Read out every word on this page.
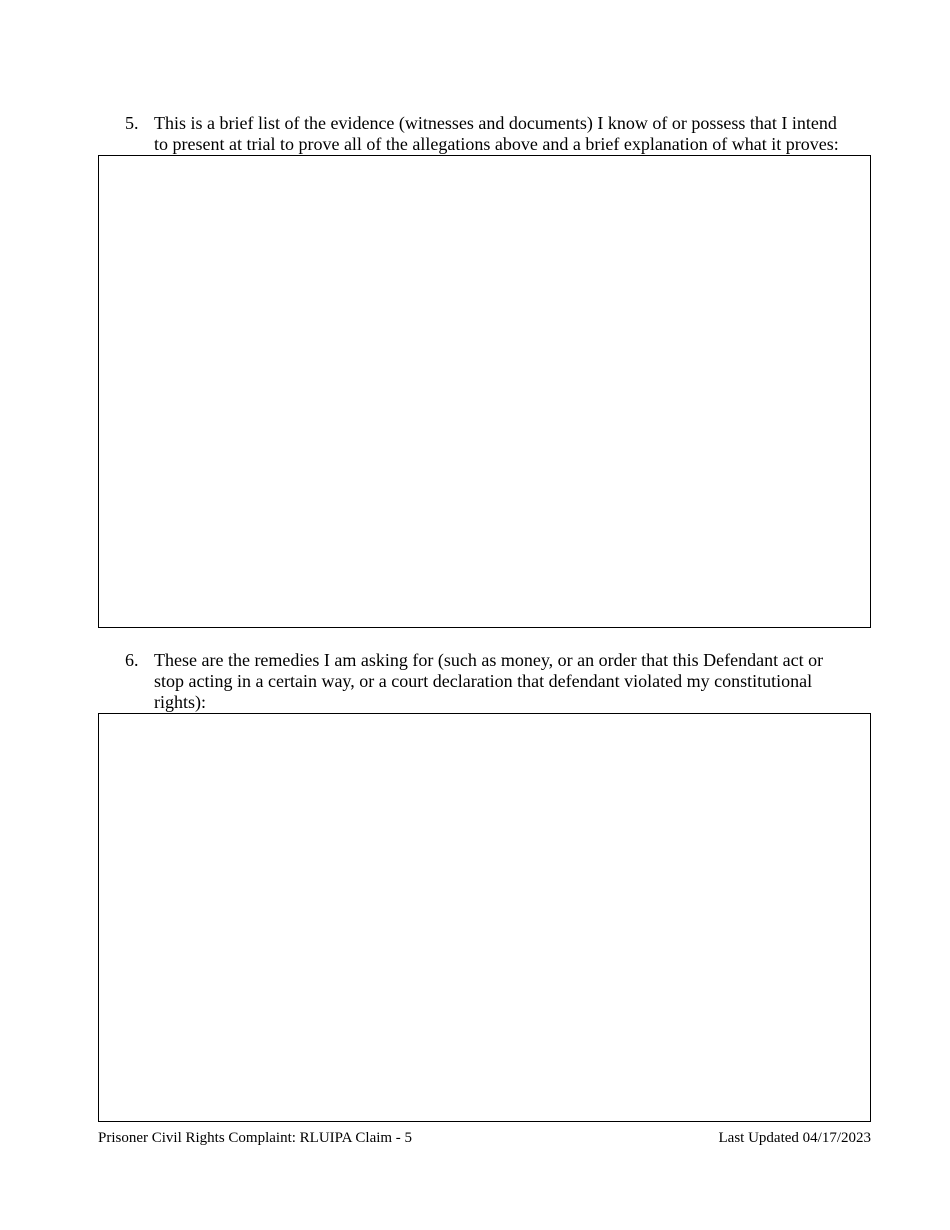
5. This is a brief list of the evidence (witnesses and documents) I know of or possess that I intend
to present at trial to prove all of the allegations above and a brief explanation of what it proves:
6. These are the remedies I am asking for (such as money, or an order that this Defendant act or
stop acting in a certain way, or a court declaration that defendant violated my constitutional
rights):
Prisoner Civil Rights Complaint: RLUIPA Claim - 5	Last Updated 04/17/2023
